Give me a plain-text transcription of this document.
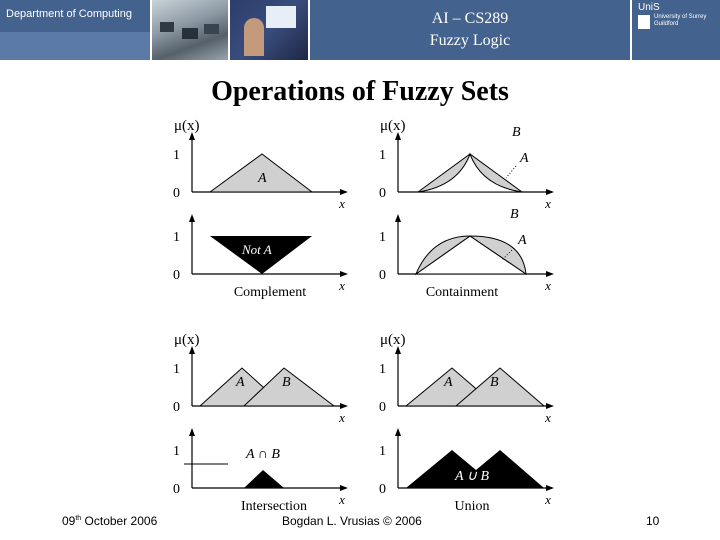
Department of Computing	AI – CS289
Fuzzy Logic
UniS
University of Surrey
Guildford
Operations of Fuzzy Sets
0
1
x
μ(x)
A
0
1
x
Not A
Complement
0
1
x
μ(x)	B
A
0
1
x
B
A
Containment
0
1
x
μ(x)
A	B
0
1
x
A ∩ B
Intersection
0
1
x
μ(x)
A	B
0
1
x
A ∪ B
Union
09th October 2006	Bogdan L. Vrusias © 2006	10
